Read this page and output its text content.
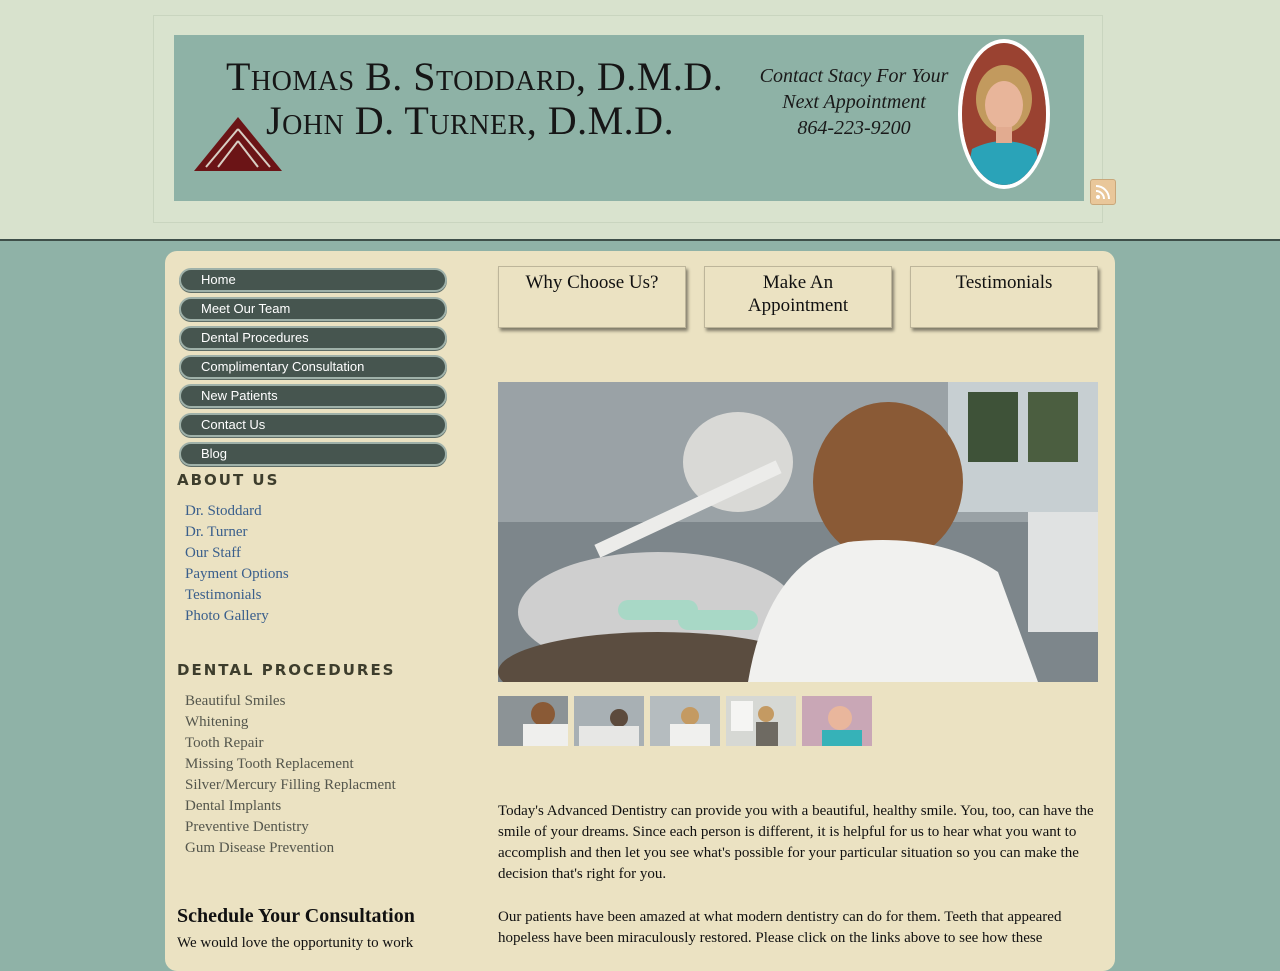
Thomas B. Stoddard, D.M.D.
John D. Turner, D.M.D.
Contact Stacy For Your
Next Appointment
864-223-9200
Home
Meet Our Team
Dental Procedures
Complimentary Consultation
New Patients
Contact Us
Blog
ABOUT US
Dr. Stoddard
Dr. Turner
Our Staff
Payment Options
Testimonials
Photo Gallery
DENTAL PROCEDURES
Beautiful Smiles
Whitening
Tooth Repair
Missing Tooth Replacement
Silver/Mercury Filling Replacment
Dental Implants
Preventive Dentistry
Gum Disease Prevention
Schedule Your Consultation
We would love the opportunity to work
Why Choose Us?	Make An
Appointment
Testimonials

Today's Advanced Dentistry can provide you with a beautiful, healthy smile. You, too, can have the smile of your dreams. Since each person is different, it is helpful for us to hear what you want to accomplish and then let you see what's possible for your particular situation so you can make the decision that's right for you.

Our patients have been amazed at what modern dentistry can do for them. Teeth that appeared hopeless have been miraculously restored. Please click on the links above to see how these
